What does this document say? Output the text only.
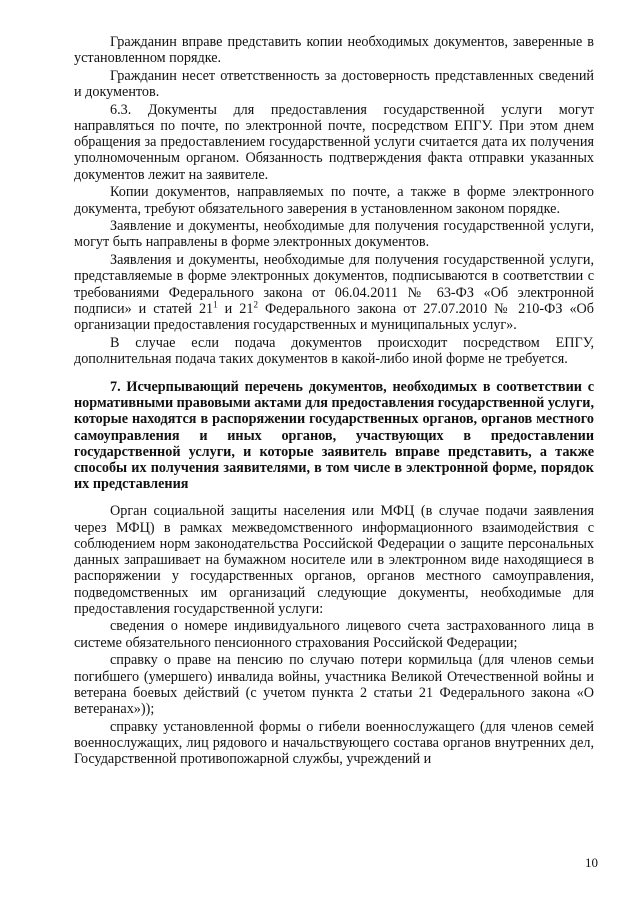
Гражданин вправе представить копии необходимых документов, заверенные в установленном порядке.

Гражданин несет ответственность за достоверность представленных сведений и документов.

6.3. Документы для предоставления государственной услуги могут направляться по почте, по электронной почте, посредством ЕПГУ. При этом днем обращения за предоставлением государственной услуги считается дата их получения уполномоченным органом. Обязанность подтверждения факта отправки указанных документов лежит на заявителе.

Копии документов, направляемых по почте, а также в форме электронного документа, требуют обязательного заверения в установленном законом порядке.

Заявление и документы, необходимые для получения государственной услуги, могут быть направлены в форме электронных документов.

Заявления и документы, необходимые для получения государственной услуги, представляемые в форме электронных документов, подписываются в соответствии с требованиями Федерального закона от 06.04.2011 № 63-ФЗ «Об электронной подписи» и статей $21^1$ и $21^2$ Федерального закона от 27.07.2010 № 210-ФЗ «Об организации предоставления государственных и муниципальных услуг».

В случае если подача документов происходит посредством ЕПГУ, дополнительная подача таких документов в какой-либо иной форме не требуется.

7. Исчерпывающий перечень документов, необходимых в соответствии с нормативными правовыми актами для предоставления государственной услуги, которые находятся в распоряжении государственных органов, органов местного самоуправления и иных органов, участвующих в предоставлении государственной услуги, и которые заявитель вправе представить, а также способы их получения заявителями, в том числе в электронной форме, порядок их представления

Орган социальной защиты населения или МФЦ (в случае подачи заявления через МФЦ) в рамках межведомственного информационного взаимодействия с соблюдением норм законодательства Российской Федерации о защите персональных данных запрашивает на бумажном носителе или в электронном виде находящиеся в распоряжении у государственных органов, органов местного самоуправления, подведомственных им организаций следующие документы, необходимые для предоставления государственной услуги:

сведения о номере индивидуального лицевого счета застрахованного лица в системе обязательного пенсионного страхования Российской Федерации;

справку о праве на пенсию по случаю потери кормильца (для членов семьи погибшего (умершего) инвалида войны, участника Великой Отечественной войны и ветерана боевых действий (с учетом пункта 2 статьи 21 Федерального закона «О ветеранах»));

справку установленной формы о гибели военнослужащего (для членов семей военнослужащих, лиц рядового и начальствующего состава органов внутренних дел, Государственной противопожарной службы, учреждений и

10
